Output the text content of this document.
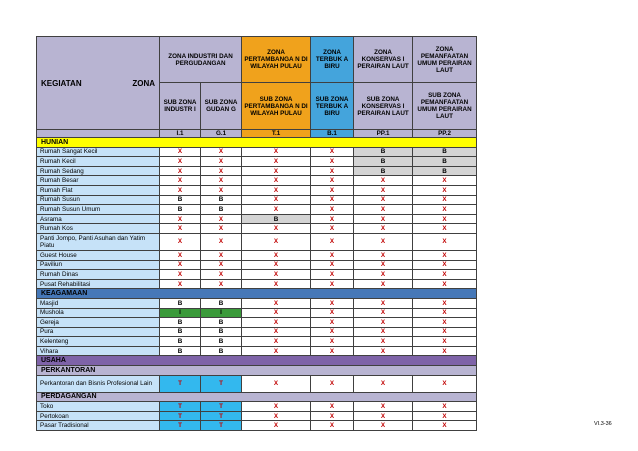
KEGIATAN ZONA	ZONA INDUSTRI DAN PERGUDANGAN		ZONA PERTAMBANGA N DI WILAYAH PULAU	ZONA TERBUK A BIRU	ZONA KONSERVAS I PERAIRAN LAUT	ZONA PEMANFAATAN UMUM PERAIRAN LAUT	
	SUB ZONA INDUSTR I	SUB ZONA GUDAN G	SUB ZONA PERTAMBANGA N DI WILAYAH PULAU	SUB ZONA TERBUK A BIRU	SUB ZONA KONSERVAS I PERAIRAN LAUT	SUB ZONA PEMANFAATAN UMUM PERAIRAN LAUT	
	I.1	G.1	T.1	B.1	PP.1	PP.2	
HUNIAN							
Rumah Sangat Kecil	X	X	X	X	B	B	
Rumah Kecil	X	X	X	X	B	B	
Rumah Sedang	X	X	X	X	B	B	
Rumah Besar	X	X	X	X	X	X	
Rumah Flat	X	X	X	X	X	X	
Rumah Susun	B	B	X	X	X	X	
Rumah Susun Umum	B	B	X	X	X	X	
Asrama	X	X	B	X	X	X	
Rumah Kos	X	X	X	X	X	X	
Panti Jompo, Panti Asuhan dan Yatim Piatu	X	X	X	X	X	X	
Guest House	X	X	X	X	X	X	
Paviliun	X	X	X	X	X	X	
Rumah Dinas	X	X	X	X	X	X	
Pusat Rehabilitasi	X	X	X	X	X	X	
KEAGAMAAN							
Masjid	B	B	X	X	X	X	
Mushola	I	I	X	X	X	X	
Gereja	B	B	X	X	X	X	
Pura	B	B	X	X	X	X	
Kelenteng	B	B	X	X	X	X	
Vihara	B	B	X	X	X	X	
USAHA							
PERKANTORAN							
Perkantoran dan Bisnis Profesional Lain	T	T	X	X	X	X	
PERDAGANGAN							
Toko	T	T	X	X	X	X	
Pertokoan	T	T	X	X	X	X	
Pasar Tradisional	T	T	X	X	X	X		VI.3-36
